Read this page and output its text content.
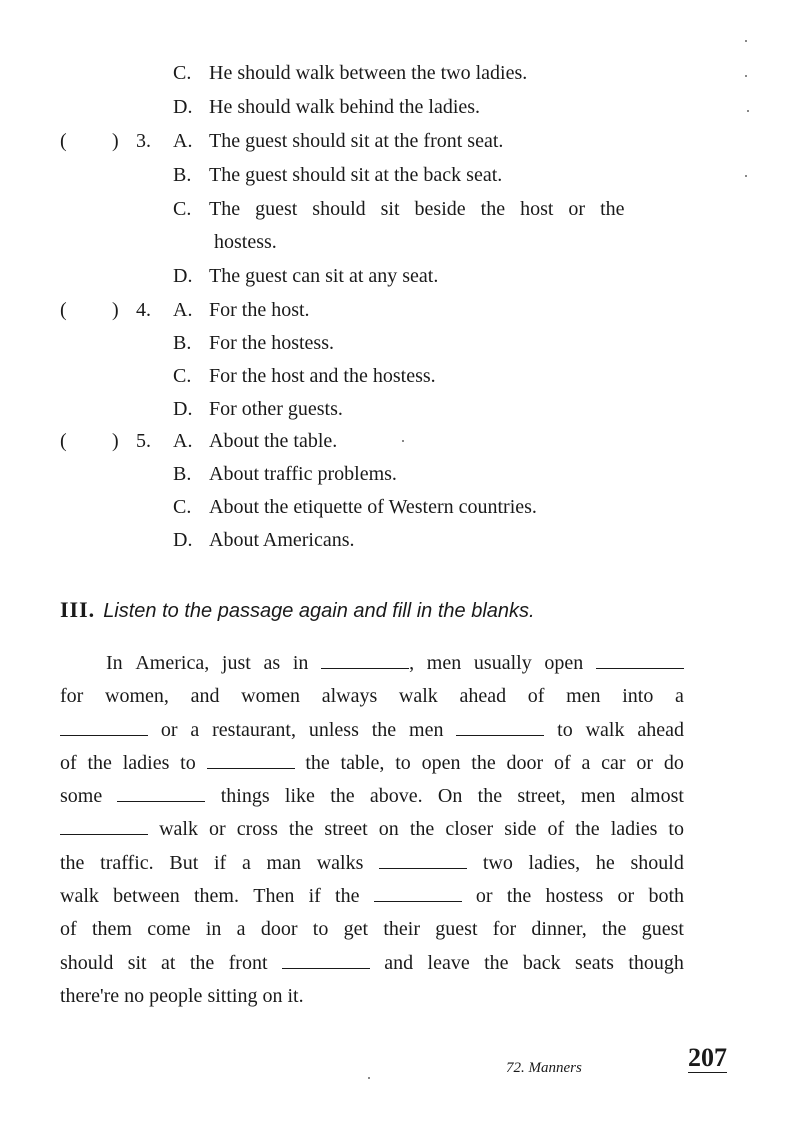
C. He should walk between the two ladies.
D. He should walk behind the ladies.
( ) 3. A. The guest should sit at the front seat.
B. The guest should sit at the back seat.
C. The guest should sit beside the host or the
hostess.
D. The guest can sit at any seat.
( ) 4. A. For the host.
B. For the hostess.
C. For the host and the hostess.
D. For other guests.
( ) 5. A. About the table.
B. About traffic problems.
C. About the etiquette of Western countries.
D. About Americans.
III. Listen to the passage again and fill in the blanks.
In America, just as in	, men usually open
for women, and women always walk ahead of men into a
or a restaurant, unless the men	to walk ahead
of the ladies to	the table, to open the door of a car or do
some	things like the above. On the street, men almost
walk or cross the street on the closer side of the ladies to
the traffic. But if a man walks	two ladies, he should
walk between them. Then if the	or the hostess or both
of them come in a door to get their guest for dinner, the guest
should sit at the front	and leave the back seats though
there're no people sitting on it.
72. Manners	207
